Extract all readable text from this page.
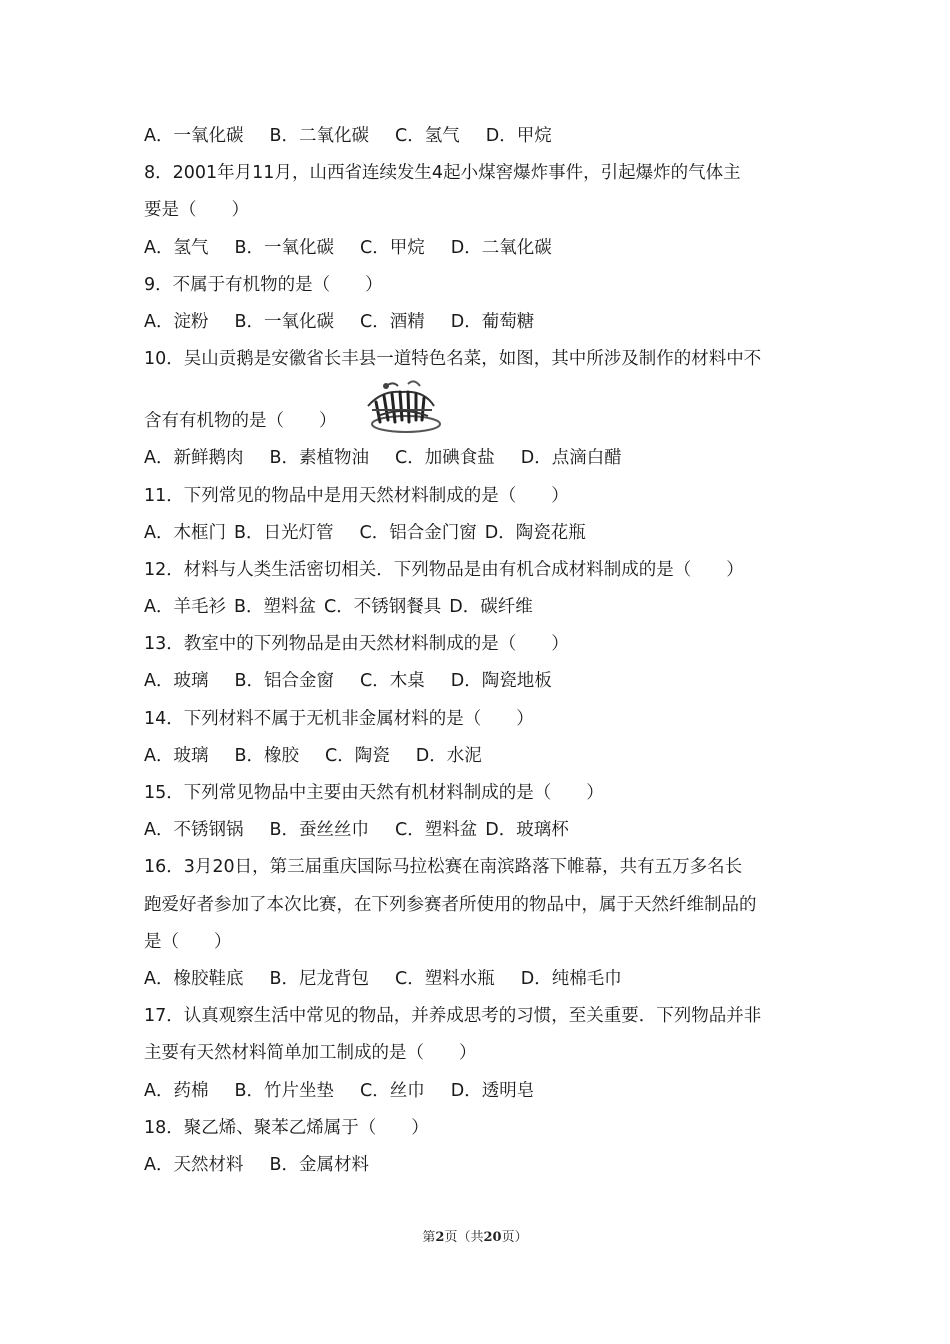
A．一氧化碳 B．二氧化碳 C．氢气 D．甲烷
8．2001年月11月，山西省连续发生4起小煤窖爆炸事件，引起爆炸的气体主
要是（　　）
A．氢气 B．一氧化碳 C．甲烷 D．二氧化碳
9．不属于有机物的是（　　）
A．淀粉 B．一氧化碳 C．酒精 D．葡萄糖
10．吴山贡鹅是安徽省长丰县一道特色名菜，如图，其中所涉及制作的材料中不
含有有机物的是（　　）
A．新鲜鹅肉 B．素植物油 C．加碘食盐 D．点滴白醋
11．下列常见的物品中是用天然材料制成的是（　　）
A．木框门 B．日光灯管 C．铝合金门窗 D．陶瓷花瓶
12．材料与人类生活密切相关．下列物品是由有机合成材料制成的是（　　）
A．羊毛衫 B．塑料盆 C．不锈钢餐具 D．碳纤维
13．教室中的下列物品是由天然材料制成的是（　　）
A．玻璃 B．铝合金窗 C．木桌 D．陶瓷地板
14．下列材料不属于无机非金属材料的是（　　）
A．玻璃 B．橡胶 C．陶瓷 D．水泥
15．下列常见物品中主要由天然有机材料制成的是（　　）
A．不锈钢锅 B．蚕丝丝巾 C．塑料盆 D．玻璃杯
16．3月20日，第三届重庆国际马拉松赛在南滨路落下帷幕，共有五万多名长
跑爱好者参加了本次比赛，在下列参赛者所使用的物品中，属于天然纤维制品的
是（　　）
A．橡胶鞋底 B．尼龙背包 C．塑料水瓶 D．纯棉毛巾
17．认真观察生活中常见的物品，并养成思考的习惯，至关重要．下列物品并非
主要有天然材料简单加工制成的是（　　）
A．药棉 B．竹片坐垫 C．丝巾 D．透明皂
18．聚乙烯、聚苯乙烯属于（　　）
A．天然材料 B．金属材料
第2页（共20页）
